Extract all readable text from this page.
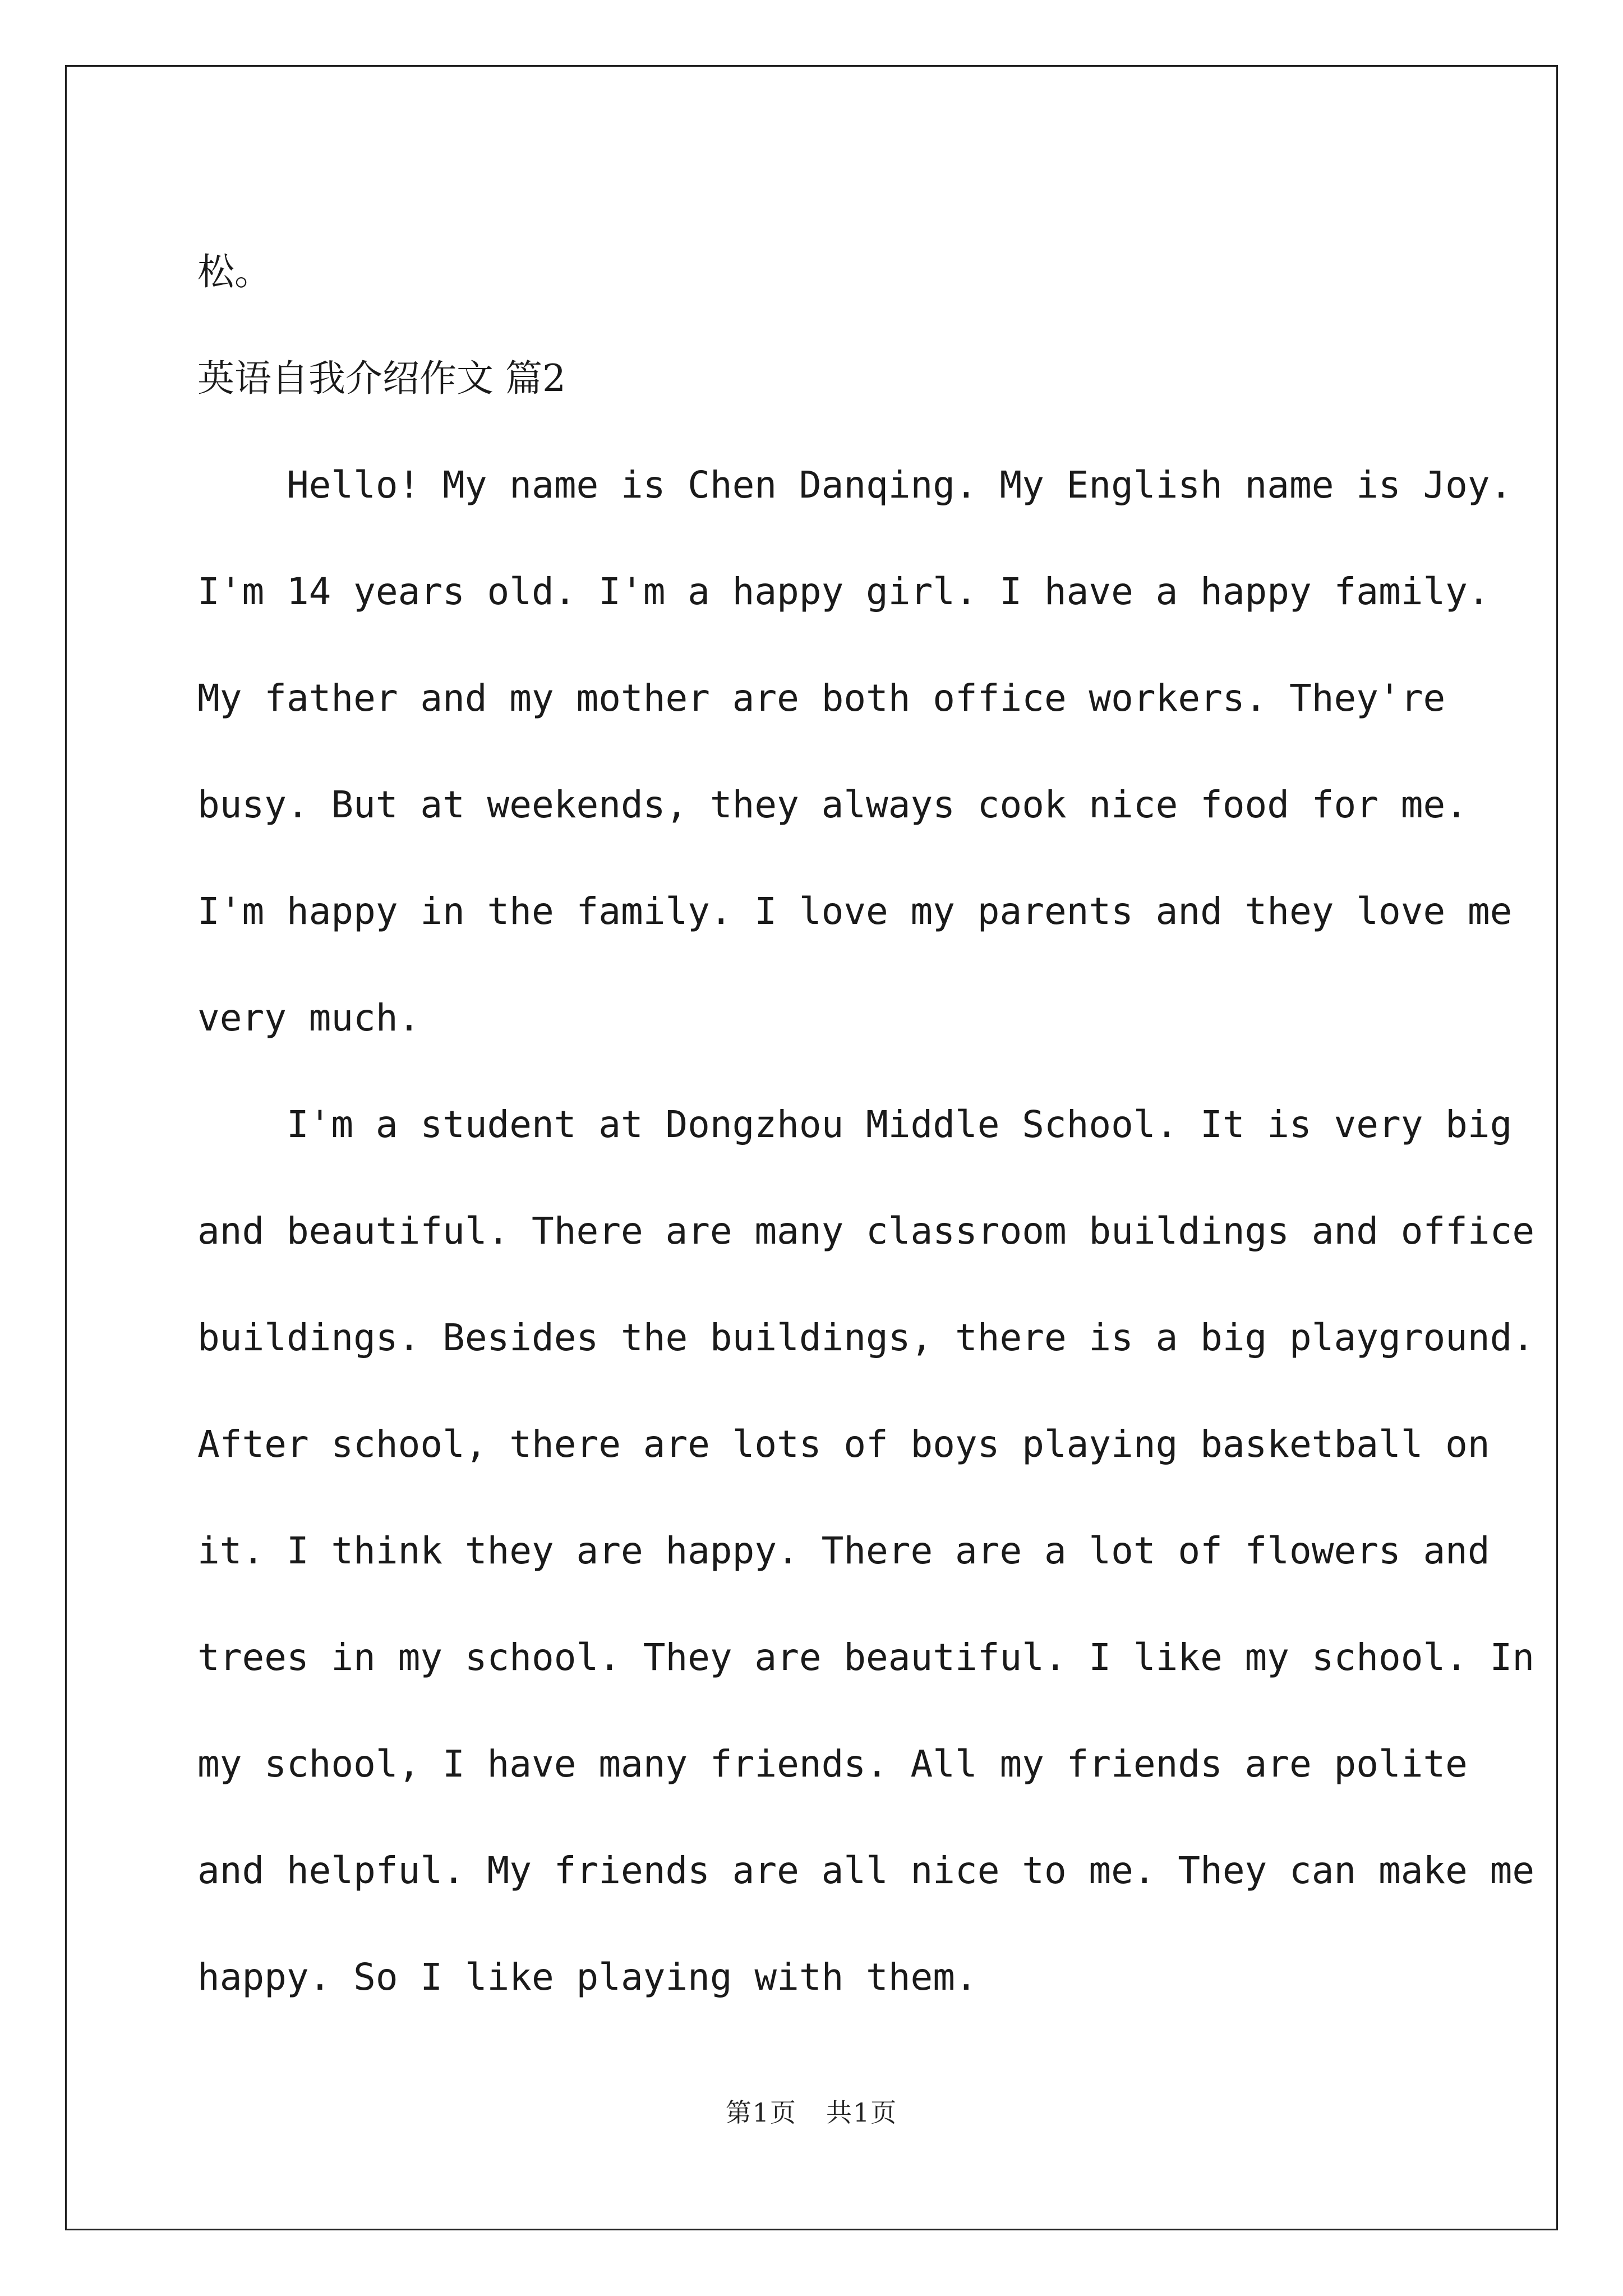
松。
英语自我介绍作文 篇2
Hello! My name is Chen Danqing. My English name is Joy.
I'm 14 years old. I'm a happy girl. I have a happy family.
My father and my mother are both office workers. They're
busy. But at weekends, they always cook nice food for me.
I'm happy in the family. I love my parents and they love me
very much.
I'm a student at Dongzhou Middle School. It is very big
and beautiful. There are many classroom buildings and office
buildings. Besides the buildings, there is a big playground.
After school, there are lots of boys playing basketball on
it. I think they are happy. There are a lot of flowers and
trees in my school. They are beautiful. I like my school. In
my school, I have many friends. All my friends are polite
and helpful. My friends are all nice to me. They can make me
happy. So I like playing with them.
第1页 共1页
